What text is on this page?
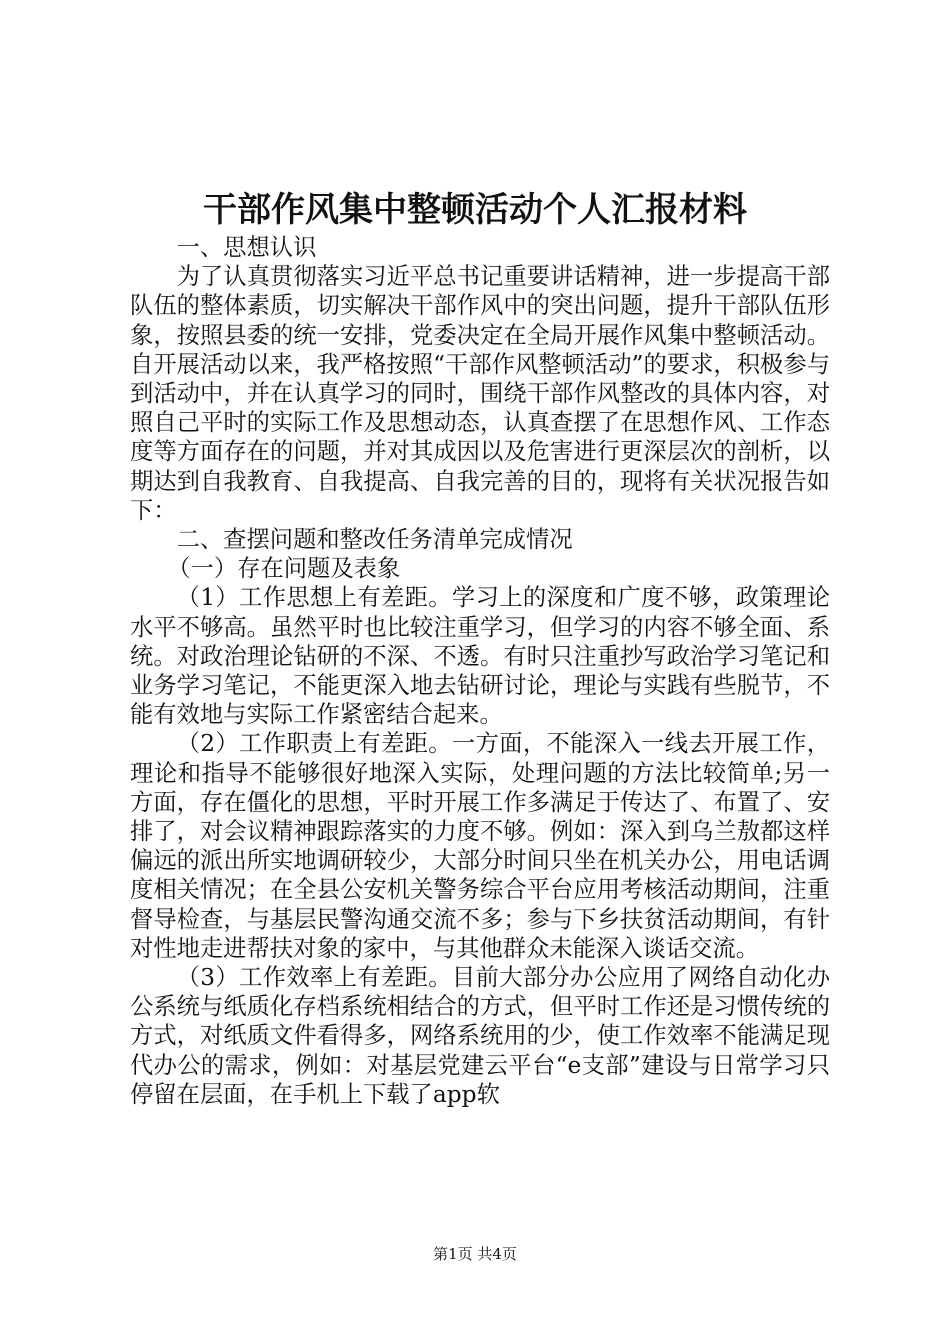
干部作风集中整顿活动个人汇报材料

一、思想认识

为了认真贯彻落实习近平总书记重要讲话精神，进一步提高干部队伍的整体素质，切实解决干部作风中的突出问题，提升干部队伍形象，按照县委的统一安排，党委决定在全局开展作风集中整顿活动。自开展活动以来，我严格按照“干部作风整顿活动”的要求，积极参与到活动中，并在认真学习的同时，围绕干部作风整改的具体内容，对照自己平时的实际工作及思想动态，认真查摆了在思想作风、工作态度等方面存在的问题，并对其成因以及危害进行更深层次的剖析，以期达到自我教育、自我提高、自我完善的目的，现将有关状况报告如下：

二、查摆问题和整改任务清单完成情况

（一）存在问题及表象

（1）工作思想上有差距。学习上的深度和广度不够，政策理论水平不够高。虽然平时也比较注重学习，但学习的内容不够全面、系统。对政治理论钻研的不深、不透。有时只注重抄写政治学习笔记和业务学习笔记，不能更深入地去钻研讨论，理论与实践有些脱节，不能有效地与实际工作紧密结合起来。

（2）工作职责上有差距。一方面，不能深入一线去开展工作，理论和指导不能够很好地深入实际，处理问题的方法比较简单;另一方面，存在僵化的思想，平时开展工作多满足于传达了、布置了、安排了，对会议精神跟踪落实的力度不够。例如：深入到乌兰敖都这样偏远的派出所实地调研较少，大部分时间只坐在机关办公，用电话调度相关情况；在全县公安机关警务综合平台应用考核活动期间，注重督导检查，与基层民警沟通交流不多；参与下乡扶贫活动期间，有针对性地走进帮扶对象的家中，与其他群众未能深入谈话交流。

（3）工作效率上有差距。目前大部分办公应用了网络自动化办公系统与纸质化存档系统相结合的方式，但平时工作还是习惯传统的方式，对纸质文件看得多，网络系统用的少，使工作效率不能满足现代办公的需求，例如：对基层党建云平台“e支部”建设与日常学习只停留在层面，在手机上下载了app软

第1页 共4页
